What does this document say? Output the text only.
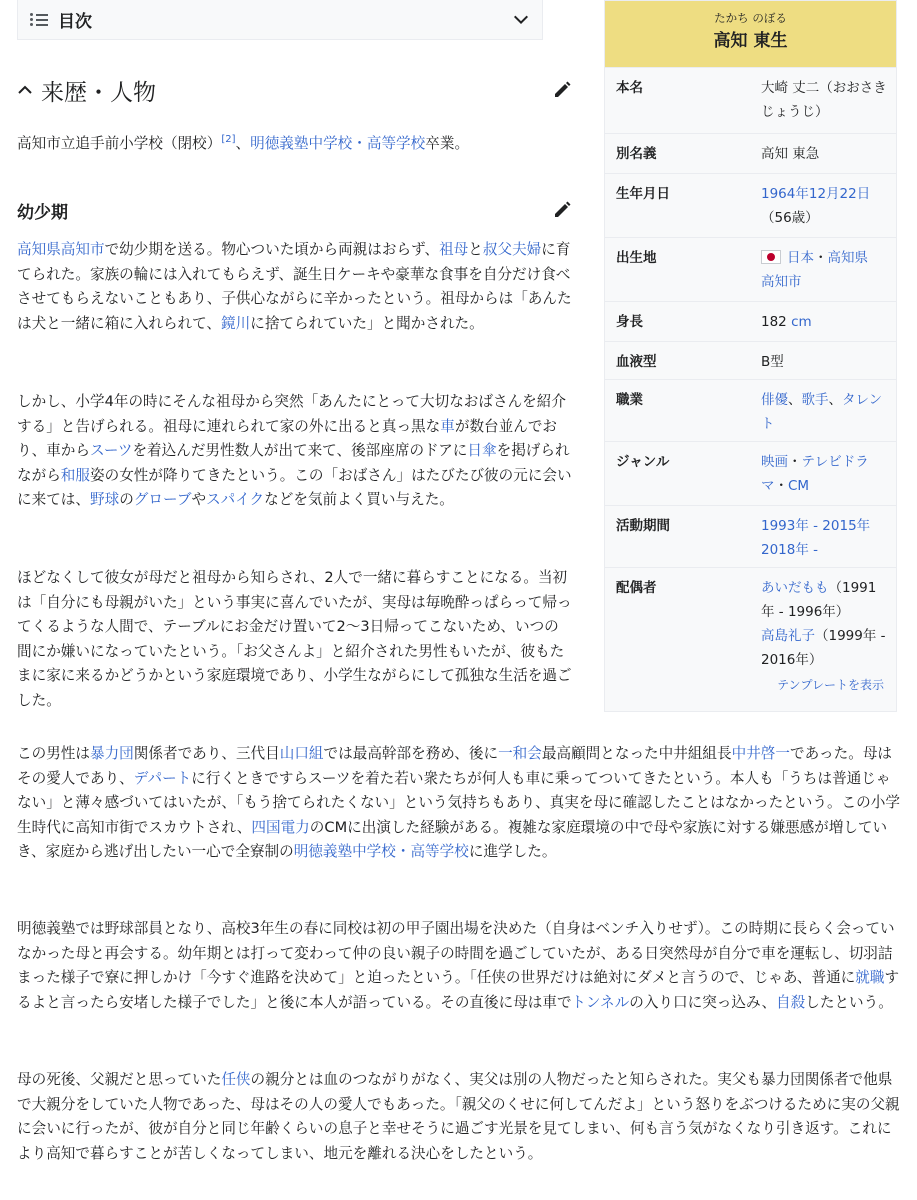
目次
来歴・人物

高知市立追手前小学校（閉校）[2]、明徳義塾中学校・高等学校卒業。

幼少期

高知県高知市で幼少期を送る。物心ついた頃から両親はおらず、祖母と叔父夫婦に育てられた。家族の輪には入れてもらえず、誕生日ケーキや豪華な食事を自分だけ食べさせてもらえないこともあり、子供心ながらに辛かったという。祖母からは「あんたは犬と一緒に箱に入れられて、鏡川に捨てられていた」と聞かされた。

しかし、小学4年の時にそんな祖母から突然「あんたにとって大切なおばさんを紹介する」と告げられる。祖母に連れられて家の外に出ると真っ黒な車が数台並んでおり、車からスーツを着込んだ男性数人が出て来て、後部座席のドアに日傘を掲げられながら和服姿の女性が降りてきたという。この「おばさん」はたびたび彼の元に会いに来ては、野球のグローブやスパイクなどを気前よく買い与えた。

ほどなくして彼女が母だと祖母から知らされ、2人で一緒に暮らすことになる。当初は「自分にも母親がいた」という事実に喜んでいたが、実母は毎晩酔っぱらって帰ってくるような人間で、テーブルにお金だけ置いて2〜3日帰ってこないため、いつの間にか嫌いになっていたという。「お父さんよ」と紹介された男性もいたが、彼もたまに家に来るかどうかという家庭環境であり、小学生ながらにして孤独な生活を過ごした。

この男性は暴力団関係者であり、三代目山口組では最高幹部を務め、後に一和会最高顧問となった中井組組長中井啓一であった。母はその愛人であり、デパートに行くときですらスーツを着た若い衆たちが何人も車に乗ってついてきたという。本人も「うちは普通じゃない」と薄々感づいてはいたが、「もう捨てられたくない」という気持ちもあり、真実を母に確認したことはなかったという。この小学生時代に高知市街でスカウトされ、四国電力のCMに出演した経験がある。複雑な家庭環境の中で母や家族に対する嫌悪感が増していき、家庭から逃げ出したい一心で全寮制の明徳義塾中学校・高等学校に進学した。

明徳義塾では野球部員となり、高校3年生の春に同校は初の甲子園出場を決めた（自身はベンチ入りせず）。この時期に長らく会っていなかった母と再会する。幼年期とは打って変わって仲の良い親子の時間を過ごしていたが、ある日突然母が自分で車を運転し、切羽詰まった様子で寮に押しかけ「今すぐ進路を決めて」と迫ったという。「任侠の世界だけは絶対にダメと言うので、じゃあ、普通に就職するよと言ったら安堵した様子でした」と後に本人が語っている。その直後に母は車でトンネルの入り口に突っ込み、自殺したという。

母の死後、父親だと思っていた任侠の親分とは血のつながりがなく、実父は別の人物だったと知らされた。実父も暴力団関係者で他県で大親分をしていた人物であった、母はその人の愛人でもあった。「親父のくせに何してんだよ」という怒りをぶつけるために実の父親に会いに行ったが、彼が自分と同じ年齢くらいの息子と幸せそうに過ごす光景を見てしまい、何も言う気がなくなり引き返す。これにより高知で暮らすことが苦しくなってしまい、地元を離れる決心をしたという。

たかち のぼる
高知 東生
本名	大崎 丈二（おおさき じょうじ）
別名義	高知 東急
生年月日	1964年12月22日
（56歳）
出生地	日本・高知県
高知市
身長	182 cm
血液型	B型
職業	俳優、歌手、タレント
ジャンル	映画・テレビドラマ・CM
活動期間	1993年 - 2015年
2018年 -
配偶者	あいだもも（1991年 - 1996年）
高島礼子（1999年 - 2016年）
テンプレートを表示
